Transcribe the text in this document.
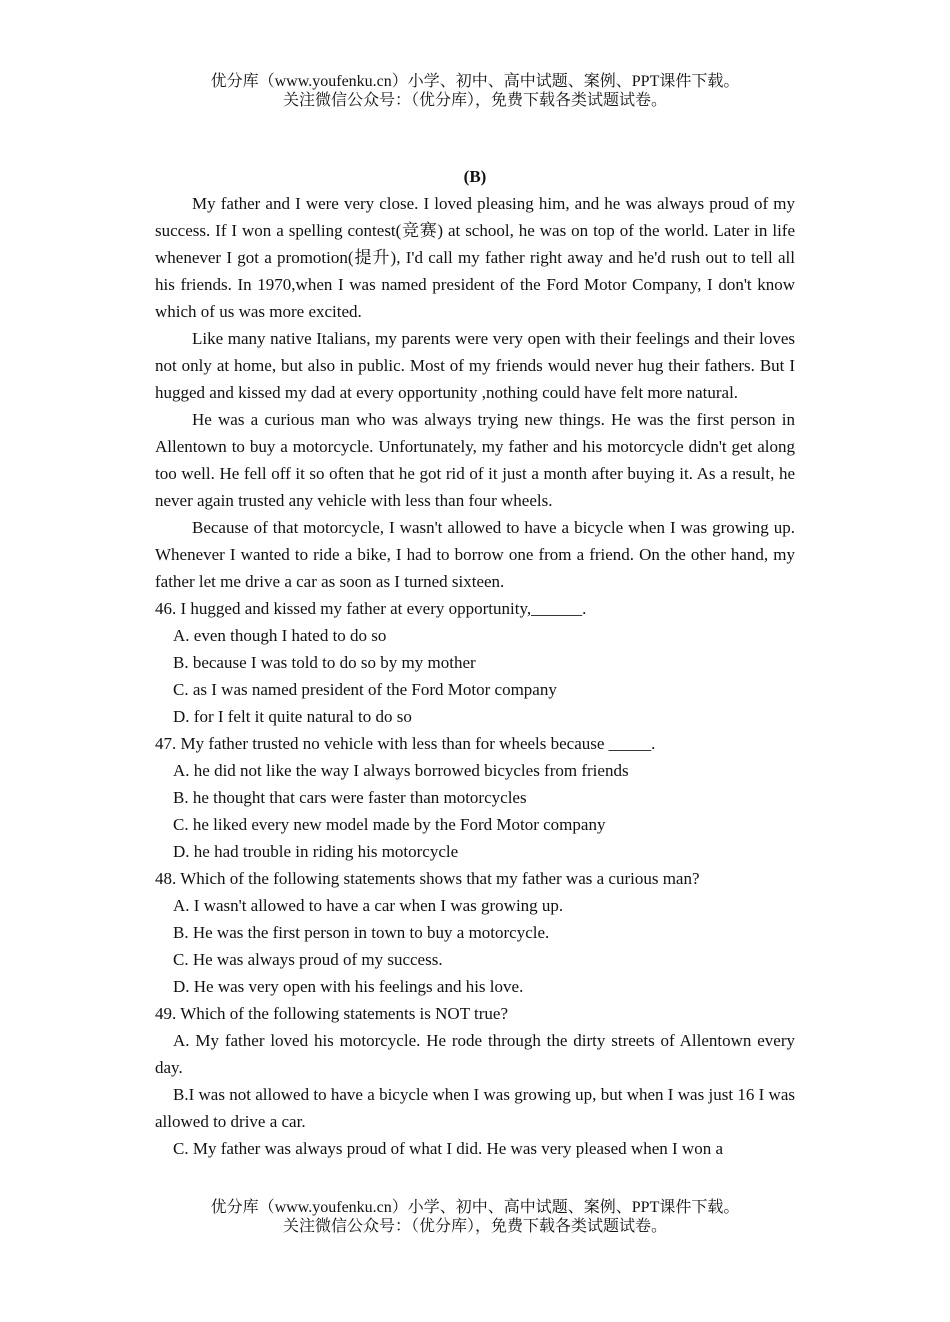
优分库（www.youfenku.cn）小学、初中、高中试题、案例、PPT课件下载。
关注微信公众号：（优分库），免费下载各类试题试卷。

(B)

My father and I were very close. I loved pleasing him, and he was always proud of my success. If I won a spelling contest(竞赛) at school, he was on top of the world. Later in life whenever I got a promotion(提升), I'd call my father right away and he'd rush out to tell all his friends. In 1970,when I was named president of the Ford Motor Company, I don't know which of us was more excited.

Like many native Italians, my parents were very open with their feelings and their loves not only at home, but also in public. Most of my friends would never hug their fathers. But I hugged and kissed my dad at every opportunity ,nothing could have felt more natural.

He was a curious man who was always trying new things. He was the first person in Allentown to buy a motorcycle. Unfortunately, my father and his motorcycle didn't get along too well. He fell off it so often that he got rid of it just a month after buying it. As a result, he never again trusted any vehicle with less than four wheels.

Because of that motorcycle, I wasn't allowed to have a bicycle when I was growing up. Whenever I wanted to ride a bike, I had to borrow one from a friend. On the other hand, my father let me drive a car as soon as I turned sixteen.

46. I hugged and kissed my father at every opportunity,______.

A. even though I hated to do so

B. because I was told to do so by my mother

C. as I was named president of the Ford Motor company

D. for I felt it quite natural to do so

47. My father trusted no vehicle with less than for wheels because _____.

A. he did not like the way I always borrowed bicycles from friends

B. he thought that cars were faster than motorcycles

C. he liked every new model made by the Ford Motor company

D. he had trouble in riding his motorcycle

48. Which of the following statements shows that my father was a curious man?

A. I wasn't allowed to have a car when I was growing up.

B. He was the first person in town to buy a motorcycle.

C. He was always proud of my success.

D. He was very open with his feelings and his love.

49. Which of the following statements is NOT true?

A. My father loved his motorcycle. He rode through the dirty streets of Allentown every day.

B.I was not allowed to have a bicycle when I was growing up, but when I was just 16 I was allowed to drive a car.

C. My father was always proud of what I did. He was very pleased when I won a

优分库（www.youfenku.cn）小学、初中、高中试题、案例、PPT课件下载。
关注微信公众号：（优分库），免费下载各类试题试卷。
